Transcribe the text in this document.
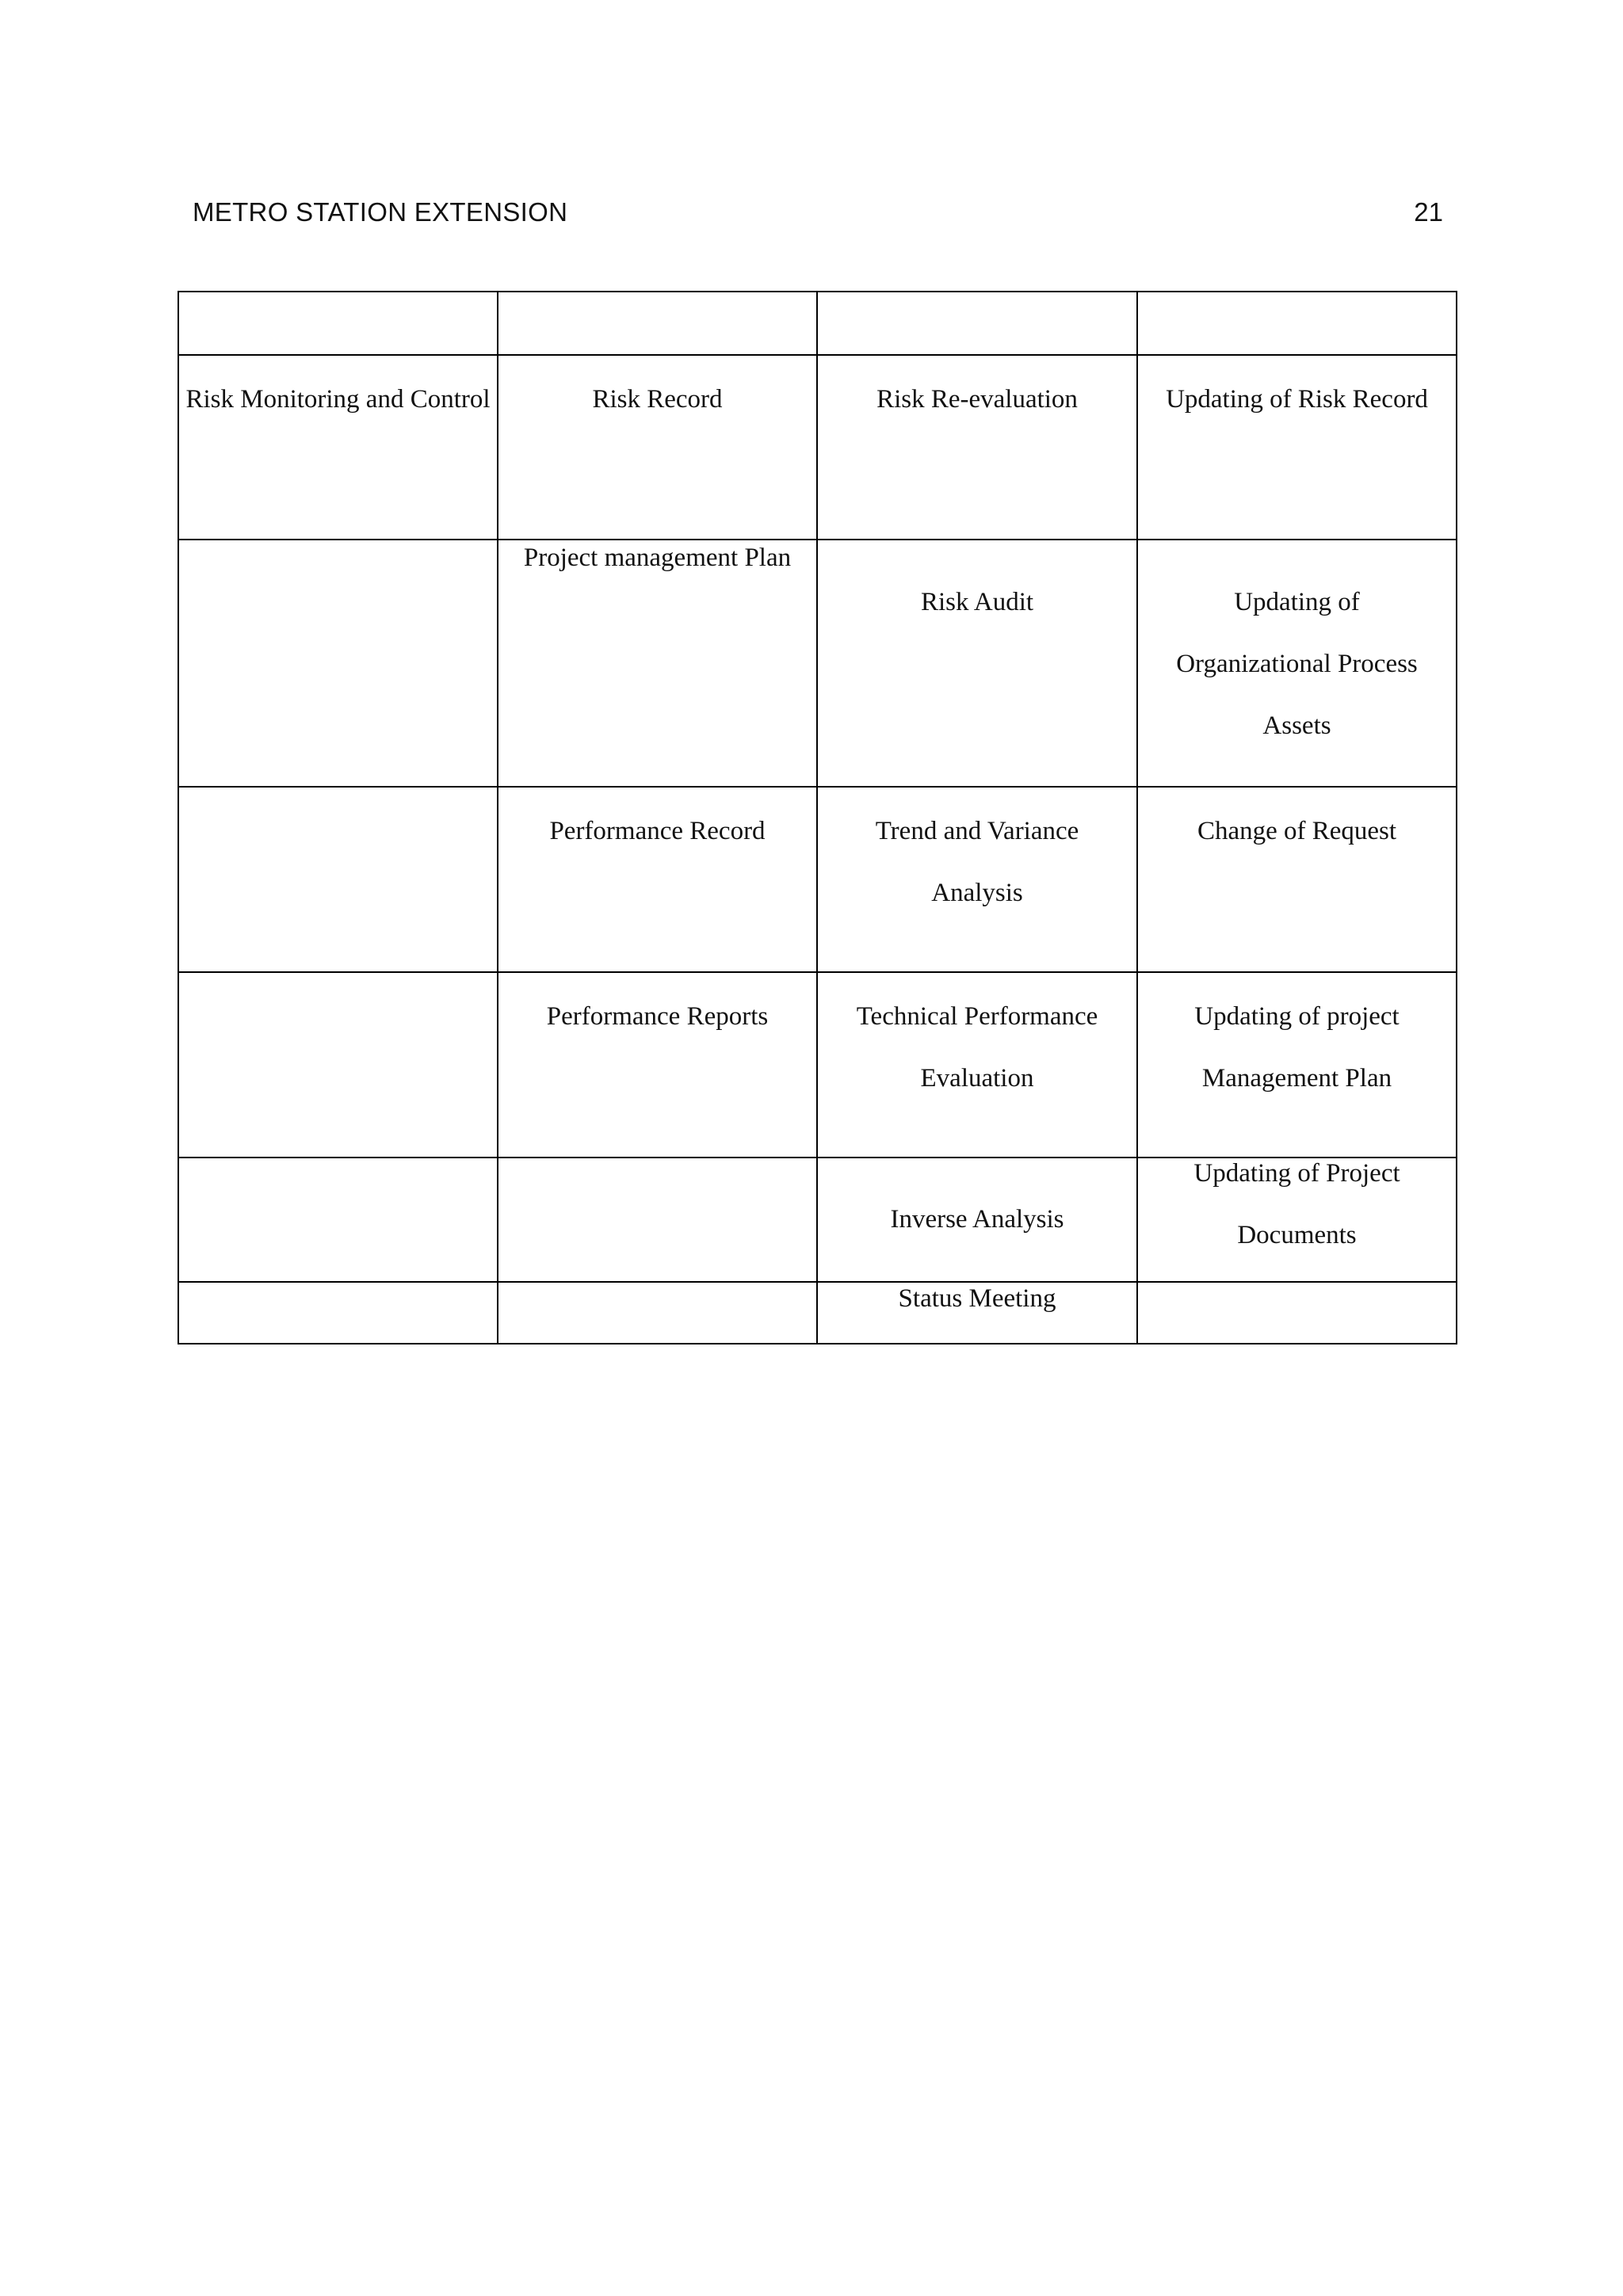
METRO STATION EXTENSION	21

Risk Monitoring and Control	Risk Record	Risk Re-evaluation	Updating of Risk Record

	Project management Plan	Risk Audit	Updating of Organizational Process Assets

	Performance Record	Trend and Variance Analysis	Change of Request

	Performance Reports	Technical Performance Evaluation	Updating of project Management Plan

		Inverse Analysis	Updating of Project Documents

		Status Meeting	
